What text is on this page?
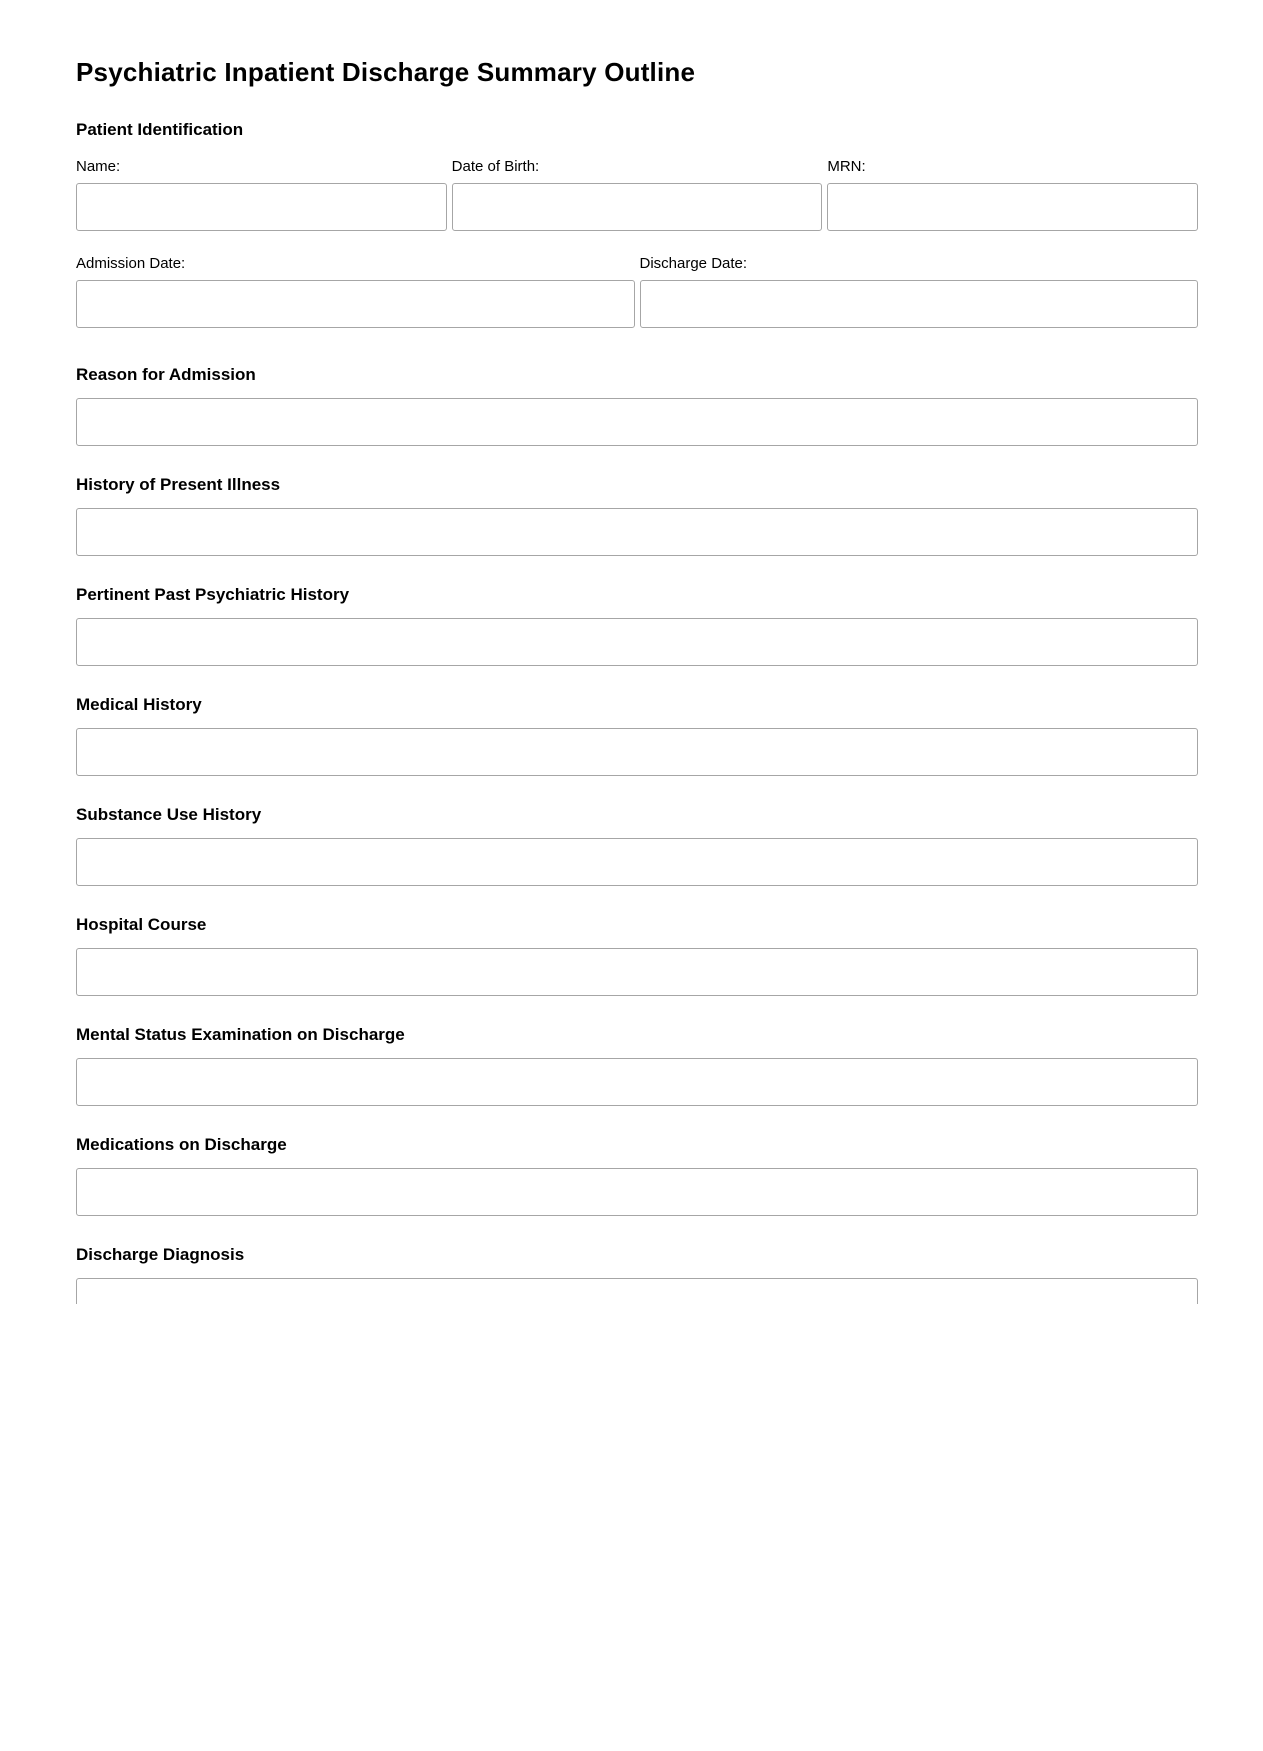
Psychiatric Inpatient Discharge Summary Outline
Patient Identification
Name:	Date of Birth:	MRN:
Admission Date:	Discharge Date:
Reason for Admission
History of Present Illness
Pertinent Past Psychiatric History
Medical History
Substance Use History
Hospital Course
Mental Status Examination on Discharge
Medications on Discharge
Discharge Diagnosis
